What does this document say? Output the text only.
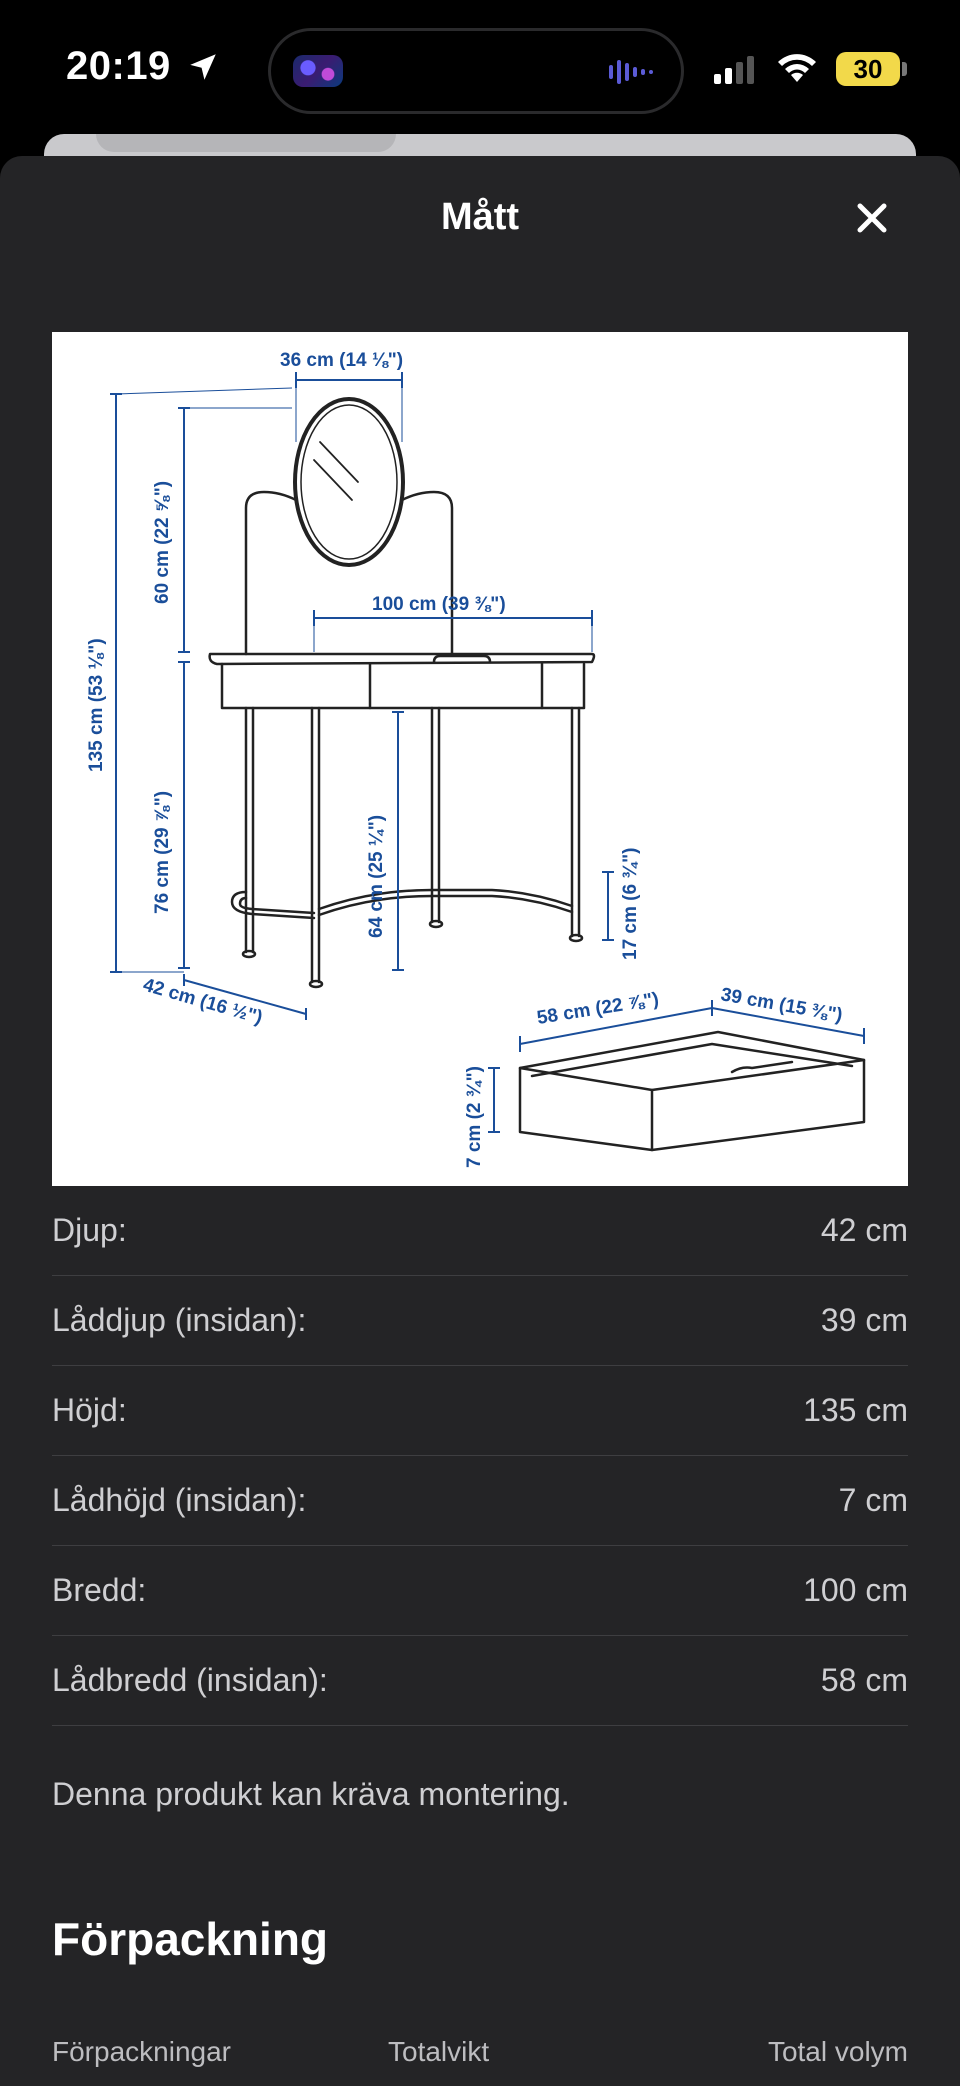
20:19	30
Mått
36 cm (14 ⅛")
60 cm (22 ⅝")
135 cm (53 ⅛")
76 cm (29 ⅞")
100 cm (39 ⅜")
64 cm (25 ¼")	17 cm (6 ¾")
42 cm (16 ½")	58 cm (22 ⅞")	39 cm (15 ⅜")
7 cm (2 ¾")
Djup:	42 cm
Låddjup (insidan):	39 cm
Höjd:	135 cm
Lådhöjd (insidan):	7 cm
Bredd:	100 cm
Lådbredd (insidan):	58 cm
Denna produkt kan kräva montering.
Förpackning
Förpackningar	Totalvikt	Total volym
